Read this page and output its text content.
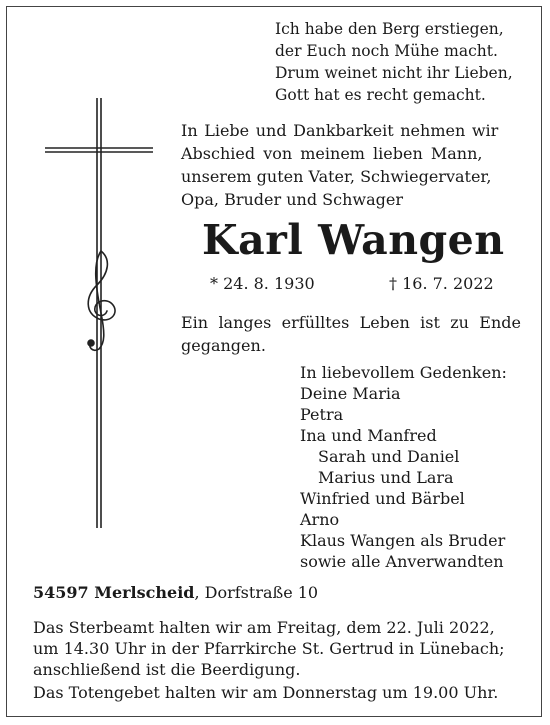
Ich habe den Berg erstiegen,
der Euch noch Mühe macht.
Drum weinet nicht ihr Lieben,
Gott hat es recht gemacht.
In Liebe und Dankbarkeit nehmen wir
Abschied von meinem lieben Mann,
unserem guten Vater, Schwiegervater,
Opa, Bruder und Schwager
Karl Wangen
* 24. 8. 1930	† 16. 7. 2022
Ein langes erfülltes Leben ist zu Ende gegangen.
In liebevollem Gedenken:
Deine Maria
Petra
Ina und Manfred
Sarah und Daniel
Marius und Lara
Winfried und Bärbel
Arno
Klaus Wangen als Bruder
sowie alle Anverwandten
54597 Merlscheid, Dorfstraße 10
Das Sterbeamt halten wir am Freitag, dem 22. Juli 2022,
um 14.30 Uhr in der Pfarrkirche St. Gertrud in Lünebach;
anschließend ist die Beerdigung.
Das Totengebet halten wir am Donnerstag um 19.00 Uhr.
